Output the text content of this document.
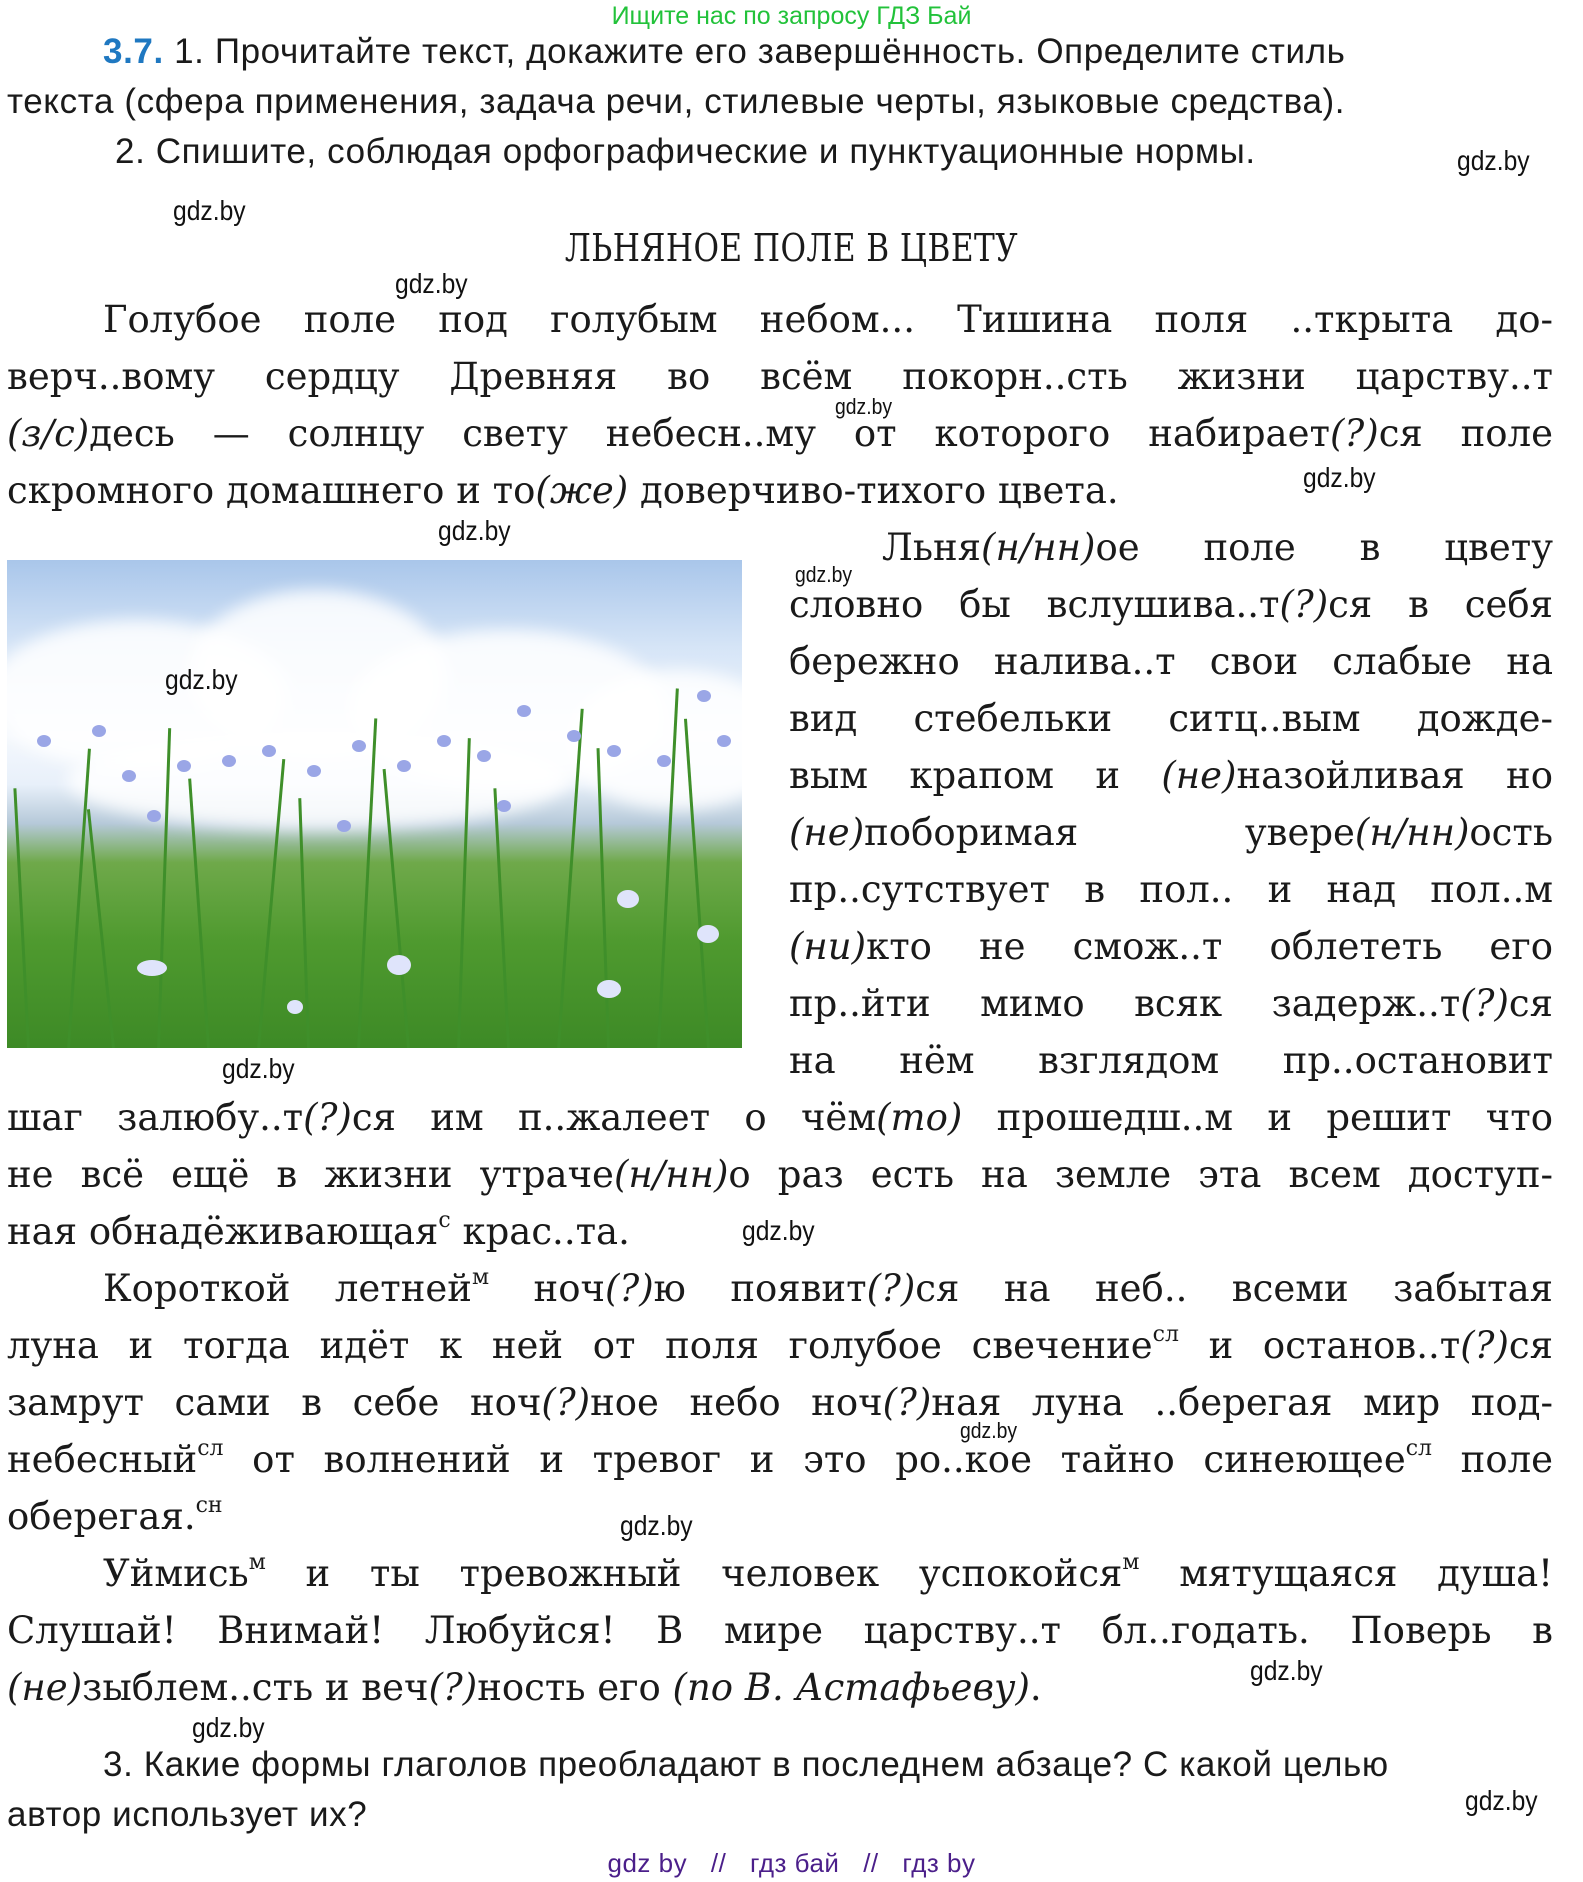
Ищите нас по запросу ГДЗ Бай
3.7. 1. Прочитайте текст, докажите его завершённость. Определите стиль
текста (сфера применения, задача речи, стилевые черты, языковые средства).
2. Спишите, соблюдая орфографические и пунктуационные нормы.
ЛЬНЯНОЕ ПОЛЕ В ЦВЕТУ
Голубое поле под голубым небом... Тишина поля ..ткрыта до-
верч..вому сердцу Древняя во всём покорн..сть жизни царству..т
(з/с)десь — солнцу свету небесн..му от которого набирает(?)ся поле
скромного домашнего и то(же) доверчиво-тихого цвета.
Льня(н/нн)ое поле в цвету
словно бы вслушива..т(?)ся в себя
бережно налива..т свои слабые на
вид стебельки ситц..вым дожде-
вым крапом и (не)назойливая но
(не)поборимая увере(н/нн)ость
пр..сутствует в пол.. и над пол..м
(ни)кто не смож..т облететь его
пр..йти мимо всяк задерж..т(?)ся
на нём взглядом пр..остановит
шаг залюбу..т(?)ся им п..жалеет о чём(то) прошедш..м и решит что
не всё ещё в жизни утраче(н/нн)о раз есть на земле эта всем доступ-
ная обнадёживающая$^с$ крас..та.
Короткой летней$^м$ ноч(?)ю появит(?)ся на неб.. всеми забытая
луна и тогда идёт к ней от поля голубое свечение$^{сл}$ и останов..т(?)ся
замрут сами в себе ноч(?)ное небо ноч(?)ная луна ..берегая мир под-
небесный$^{сл}$ от волнений и тревог и это ро..кое тайно синеющее$^{сл}$ поле
оберегая.$^{сн}$
Уймись$^м$ и ты тревожный человек успокойся$^м$ мятущаяся душа!
Слушай! Внимай! Любуйся! В мире царству..т бл..годать. Поверь в
(не)зыблем..сть и веч(?)ность его (по В. Астафьеву).
3. Какие формы глаголов преобладают в последнем абзаце? С какой целью
автор использует их?
gdz.by
gdz.by
gdz.by
gdz.by
gdz.by
gdz.by
gdz.by
gdz.by
gdz.by
gdz.by
gdz.by
gdz.by
gdz.by
gdz.by
gdz.by
gdz by // гдз бай // гдз by
